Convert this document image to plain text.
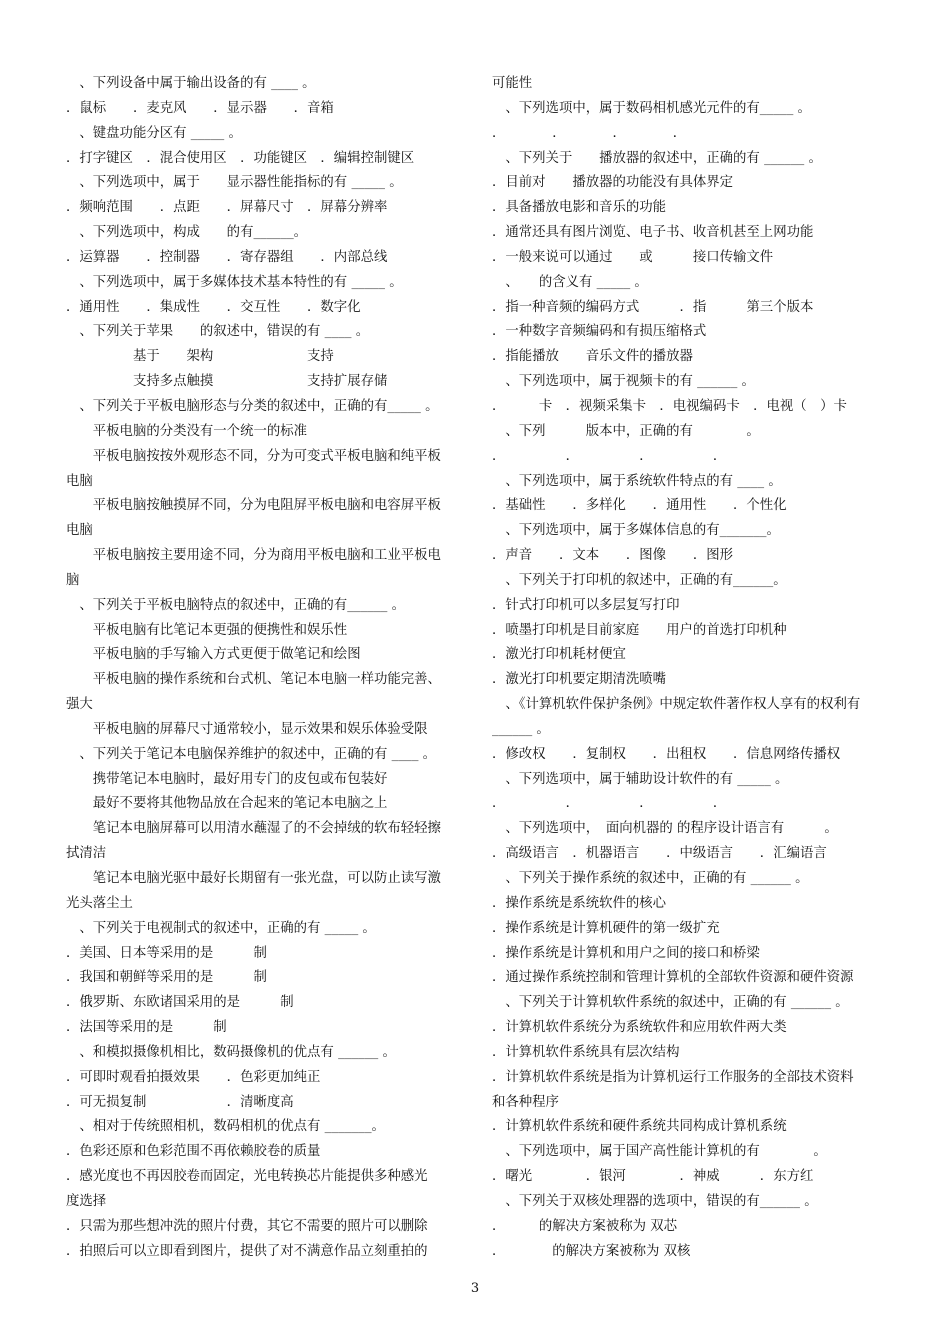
　、下列设备中属于输出设备的有 ____ 。
．鼠标　　．麦克风　　．显示器　　．音箱
　、键盘功能分区有 _____ 。
．打字键区　．混合使用区　．功能键区　．编辑控制键区
　、下列选项中，属于　　显示器性能指标的有 _____ 。
．频响范围　　．点距　　．屏幕尺寸　．屏幕分辨率
　、下列选项中，构成　　的有______。
．运算器　　．控制器　　．寄存器组　　．内部总线
　、下列选项中，属于多媒体技术基本特性的有 _____ 。
．通用性　　．集成性　　．交互性　　．数字化
　、下列关于苹果　　的叙述中，错误的有 ____ 。
　　　　　基于　　架构　　　　　　　支持
　　　　　支持多点触摸　　　　　　　支持扩展存储
　、下列关于平板电脑形态与分类的叙述中，正确的有_____ 。
　　平板电脑的分类没有一个统一的标准
　　平板电脑按按外观形态不同，分为可变式平板电脑和纯平板
电脑
　　平板电脑按触摸屏不同，分为电阻屏平板电脑和电容屏平板
电脑
　　平板电脑按主要用途不同，分为商用平板电脑和工业平板电
脑
　、下列关于平板电脑特点的叙述中，正确的有______ 。
　　平板电脑有比笔记本更强的便携性和娱乐性
　　平板电脑的手写输入方式更便于做笔记和绘图
　　平板电脑的操作系统和台式机、笔记本电脑一样功能完善、
强大
　　平板电脑的屏幕尺寸通常较小，显示效果和娱乐体验受限
　、下列关于笔记本电脑保养维护的叙述中，正确的有 ____ 。
　　携带笔记本电脑时，最好用专门的皮包或布包装好
　　最好不要将其他物品放在合起来的笔记本电脑之上
　　笔记本电脑屏幕可以用清水蘸湿了的不会掉绒的软布轻轻擦
拭清洁
　　笔记本电脑光驱中最好长期留有一张光盘，可以防止读写激
光头落尘土
　、下列关于电视制式的叙述中，正确的有 _____ 。
．美国、日本等采用的是　　　制
．我国和朝鲜等采用的是　　　制
．俄罗斯、东欧诸国采用的是　　　制
．法国等采用的是　　　制
　、和模拟摄像机相比，数码摄像机的优点有 ______ 。
．可即时观看拍摄效果　　．色彩更加纯正
．可无损复制　　　　　　．清晰度高
　、相对于传统照相机，数码相机的优点有 _______。
．色彩还原和色彩范围不再依赖胶卷的质量
．感光度也不再因胶卷而固定，光电转换芯片能提供多种感光
度选择
．只需为那些想冲洗的照片付费，其它不需要的照片可以删除
．拍照后可以立即看到图片，提供了对不满意作品立刻重拍的
可能性
　、下列选项中，属于数码相机感光元件的有_____ 。
．　　　　．　　　　．　　　　．
　、下列关于　　播放器的叙述中，正确的有 ______ 。
．目前对　　播放器的功能没有具体界定
．具备播放电影和音乐的功能
．通常还具有图片浏览、电子书、收音机甚至上网功能
．一般来说可以通过　　或　　　接口传输文件
　、　　的含义有 _____ 。
．指一种音频的编码方式　　　．指　　　第三个版本
．一种数字音频编码和有损压缩格式
．指能播放　　音乐文件的播放器
　、下列选项中，属于视频卡的有 ______ 。
．　　　卡　．视频采集卡　．电视编码卡　．电视（　）卡
　、下列　　　版本中，正确的有　　　　。
．　　　　　．　　　　　．　　　　　．
　、下列选项中，属于系统软件特点的有 ____ 。
．基础性　　．多样化　　．通用性　　．个性化
　、下列选项中，属于多媒体信息的有_______。
．声音　　．文本　　．图像　　．图形
　、下列关于打印机的叙述中，正确的有______。
．针式打印机可以多层复写打印
．喷墨打印机是目前家庭　　用户的首选打印机种
．激光打印机耗材便宜
．激光打印机要定期清洗喷嘴
　、《计算机软件保护条例》中规定软件著作权人享有的权利有
______ 。
．修改权　　．复制权　　．出租权　　．信息网络传播权
　、下列选项中，属于辅助设计软件的有 _____ 。
．　　　　　．　　　　　．　　　　　．
　、下列选项中，　面向机器的 的程序设计语言有　　　。
．高级语言　．机器语言　　．中级语言　　．汇编语言
　、下列关于操作系统的叙述中，正确的有 ______ 。
．操作系统是系统软件的核心
．操作系统是计算机硬件的第一级扩充
．操作系统是计算机和用户之间的接口和桥梁
．通过操作系统控制和管理计算机的全部软件资源和硬件资源
　、下列关于计算机软件系统的叙述中，正确的有 ______ 。
．计算机软件系统分为系统软件和应用软件两大类
．计算机软件系统具有层次结构
．计算机软件系统是指为计算机运行工作服务的全部技术资料
和各种程序
．计算机软件系统和硬件系统共同构成计算机系统
　、下列选项中，属于国产高性能计算机的有　　　　。
．曙光　　　　．银河　　　　．神威　　　．东方红
　、下列关于双核处理器的选项中，错误的有______ 。
．　　　的解决方案被称为 双芯
．　　　　的解决方案被称为 双核
3
